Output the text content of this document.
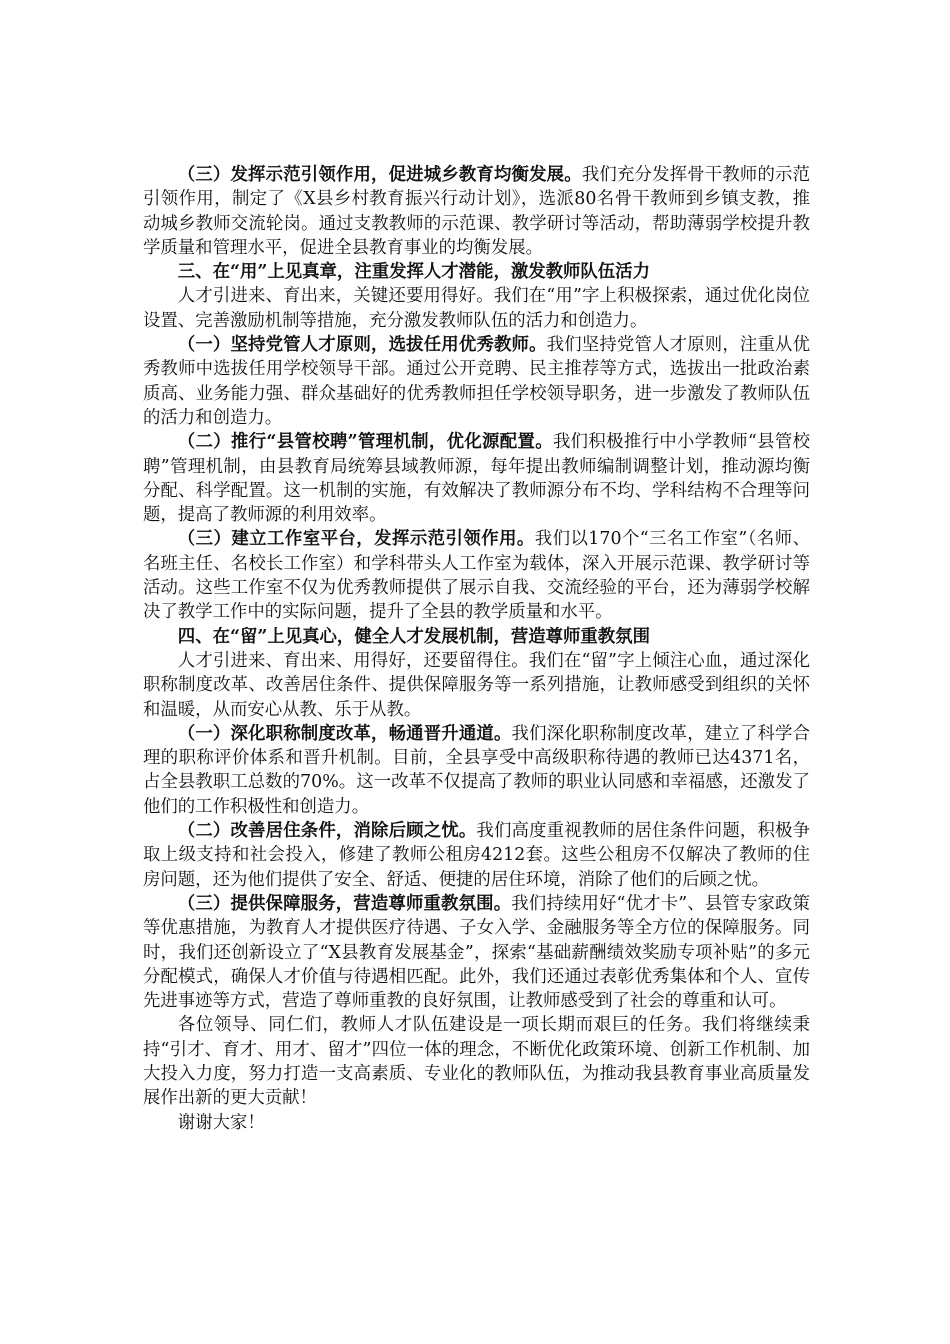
（三）发挥示范引领作用，促进城乡教育均衡发展。我们充分发挥骨干教师的示范引领作用，制定了《X县乡村教育振兴行动计划》，选派80名骨干教师到乡镇支教，推动城乡教师交流轮岗。通过支教教师的示范课、教学研讨等活动，帮助薄弱学校提升教学质量和管理水平，促进全县教育事业的均衡发展。

三、在“用”上见真章，注重发挥人才潜能，激发教师队伍活力

人才引进来、育出来，关键还要用得好。我们在“用”字上积极探索，通过优化岗位设置、完善激励机制等措施，充分激发教师队伍的活力和创造力。

（一）坚持党管人才原则，选拔任用优秀教师。我们坚持党管人才原则，注重从优秀教师中选拔任用学校领导干部。通过公开竞聘、民主推荐等方式，选拔出一批政治素质高、业务能力强、群众基础好的优秀教师担任学校领导职务，进一步激发了教师队伍的活力和创造力。

（二）推行“县管校聘”管理机制，优化源配置。我们积极推行中小学教师“县管校聘”管理机制，由县教育局统筹县域教师源，每年提出教师编制调整计划，推动源均衡分配、科学配置。这一机制的实施，有效解决了教师源分布不均、学科结构不合理等问题，提高了教师源的利用效率。

（三）建立工作室平台，发挥示范引领作用。我们以170个“三名工作室”（名师、名班主任、名校长工作室）和学科带头人工作室为载体，深入开展示范课、教学研讨等活动。这些工作室不仅为优秀教师提供了展示自我、交流经验的平台，还为薄弱学校解决了教学工作中的实际问题，提升了全县的教学质量和水平。

四、在“留”上见真心，健全人才发展机制，营造尊师重教氛围

人才引进来、育出来、用得好，还要留得住。我们在“留”字上倾注心血，通过深化职称制度改革、改善居住条件、提供保障服务等一系列措施，让教师感受到组织的关怀和温暖，从而安心从教、乐于从教。

（一）深化职称制度改革，畅通晋升通道。我们深化职称制度改革，建立了科学合理的职称评价体系和晋升机制。目前，全县享受中高级职称待遇的教师已达4371名，占全县教职工总数的70%。这一改革不仅提高了教师的职业认同感和幸福感，还激发了他们的工作积极性和创造力。

（二）改善居住条件，消除后顾之忧。我们高度重视教师的居住条件问题，积极争取上级支持和社会投入，修建了教师公租房4212套。这些公租房不仅解决了教师的住房问题，还为他们提供了安全、舒适、便捷的居住环境，消除了他们的后顾之忧。

（三）提供保障服务，营造尊师重教氛围。我们持续用好“优才卡”、县管专家政策等优惠措施，为教育人才提供医疗待遇、子女入学、金融服务等全方位的保障服务。同时，我们还创新设立了“X县教育发展基金”，探索“基础薪酬绩效奖励专项补贴”的多元分配模式，确保人才价值与待遇相匹配。此外，我们还通过表彰优秀集体和个人、宣传先进事迹等方式，营造了尊师重教的良好氛围，让教师感受到了社会的尊重和认可。

各位领导、同仁们，教师人才队伍建设是一项长期而艰巨的任务。我们将继续秉持“引才、育才、用才、留才”四位一体的理念，不断优化政策环境、创新工作机制、加大投入力度，努力打造一支高素质、专业化的教师队伍，为推动我县教育事业高质量发展作出新的更大贡献！

谢谢大家！
